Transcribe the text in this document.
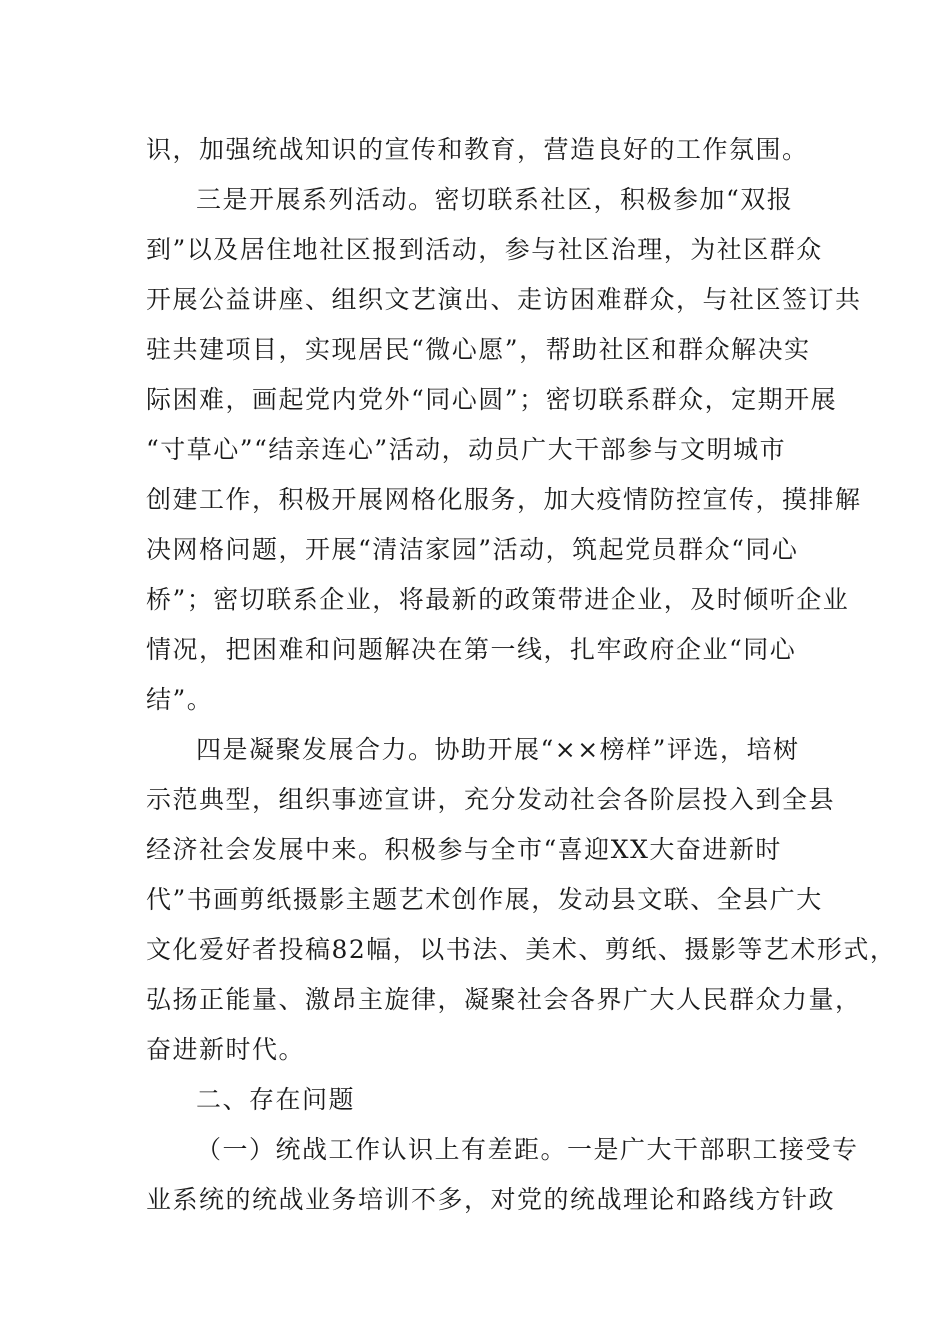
识，加强统战知识的宣传和教育，营造良好的工作氛围。
三是开展系列活动。密切联系社区，积极参加“双报
到”以及居住地社区报到活动，参与社区治理，为社区群众
开展公益讲座、组织文艺演出、走访困难群众，与社区签订共
驻共建项目，实现居民“微心愿”，帮助社区和群众解决实
际困难，画起党内党外“同心圆”；密切联系群众，定期开展
“寸草心”“结亲连心”活动，动员广大干部参与文明城市
创建工作，积极开展网格化服务，加大疫情防控宣传，摸排解
决网格问题，开展“清洁家园”活动，筑起党员群众“同心
桥”；密切联系企业，将最新的政策带进企业，及时倾听企业
情况，把困难和问题解决在第一线，扎牢政府企业“同心
结”。
四是凝聚发展合力。协助开展“××榜样”评选，培树
示范典型，组织事迹宣讲，充分发动社会各阶层投入到全县
经济社会发展中来。积极参与全市“喜迎XX大奋进新时
代”书画剪纸摄影主题艺术创作展，发动县文联、全县广大
文化爱好者投稿82幅，以书法、美术、剪纸、摄影等艺术形式，
弘扬正能量、激昂主旋律，凝聚社会各界广大人民群众力量，
奋进新时代。
二、存在问题
（一）统战工作认识上有差距。一是广大干部职工接受专
业系统的统战业务培训不多，对党的统战理论和路线方针政
